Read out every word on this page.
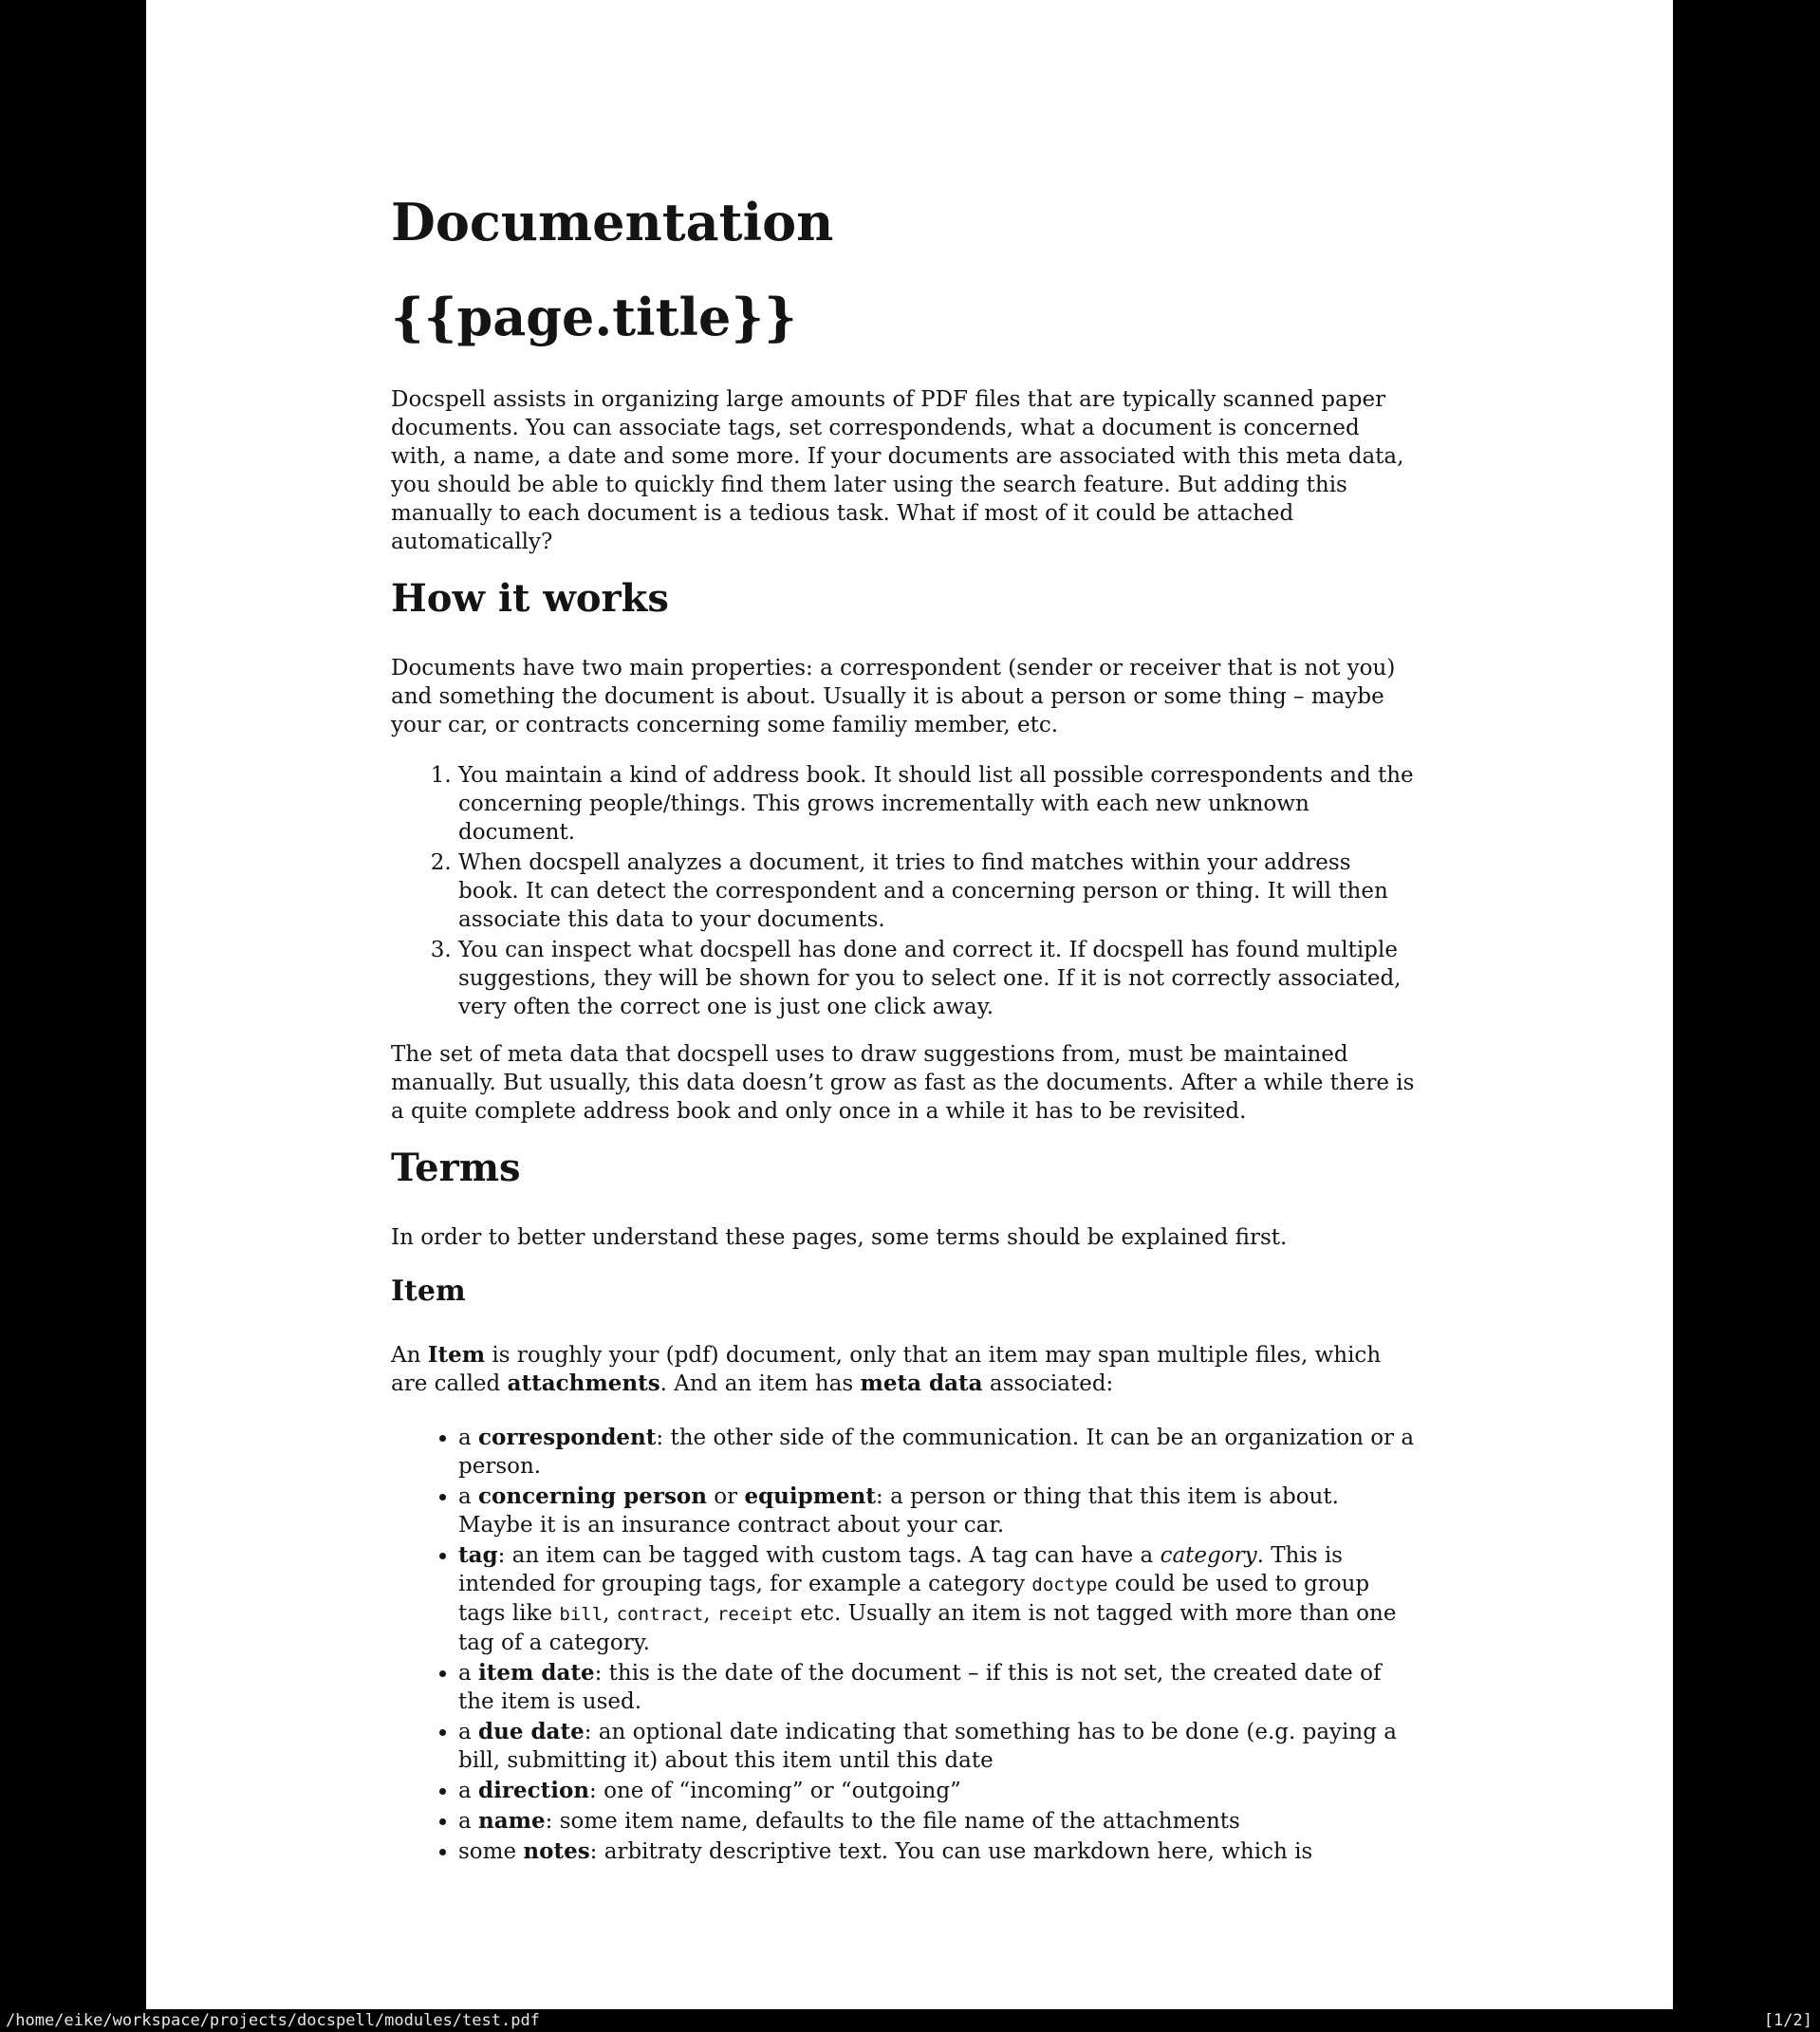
Documentation
{{page.title}}

Docspell assists in organizing large amounts of PDF files that are typically scanned paper documents. You can associate tags, set correspondends, what a document is concerned with, a name, a date and some more. If your documents are associated with this meta data, you should be able to quickly find them later using the search feature. But adding this manually to each document is a tedious task. What if most of it could be attached automatically?

How it works

Documents have two main properties: a correspondent (sender or receiver that is not you) and something the document is about. Usually it is about a person or some thing – maybe your car, or contracts concerning some familiy member, etc.

1. You maintain a kind of address book. It should list all possible correspondents and the concerning people/things. This grows incrementally with each new unknown document.
2. When docspell analyzes a document, it tries to find matches within your address book. It can detect the correspondent and a concerning person or thing. It will then associate this data to your documents.
3. You can inspect what docspell has done and correct it. If docspell has found multiple suggestions, they will be shown for you to select one. If it is not correctly associated, very often the correct one is just one click away.

The set of meta data that docspell uses to draw suggestions from, must be maintained manually. But usually, this data doesn’t grow as fast as the documents. After a while there is a quite complete address book and only once in a while it has to be revisited.

Terms

In order to better understand these pages, some terms should be explained first.

Item

An Item is roughly your (pdf) document, only that an item may span multiple files, which are called attachments. And an item has meta data associated:

• a correspondent: the other side of the communication. It can be an organization or a person.
• a concerning person or equipment: a person or thing that this item is about. Maybe it is an insurance contract about your car.
• tag: an item can be tagged with custom tags. A tag can have a category. This is intended for grouping tags, for example a category doctype could be used to group tags like bill, contract, receipt etc. Usually an item is not tagged with more than one tag of a category.
• a item date: this is the date of the document – if this is not set, the created date of the item is used.
• a due date: an optional date indicating that something has to be done (e.g. paying a bill, submitting it) about this item until this date
• a direction: one of “incoming” or “outgoing”
• a name: some item name, defaults to the file name of the attachments
• some notes: arbitraty descriptive text. You can use markdown here, which is
/home/eike/workspace/projects/docspell/modules/test.pdf	[1/2]
